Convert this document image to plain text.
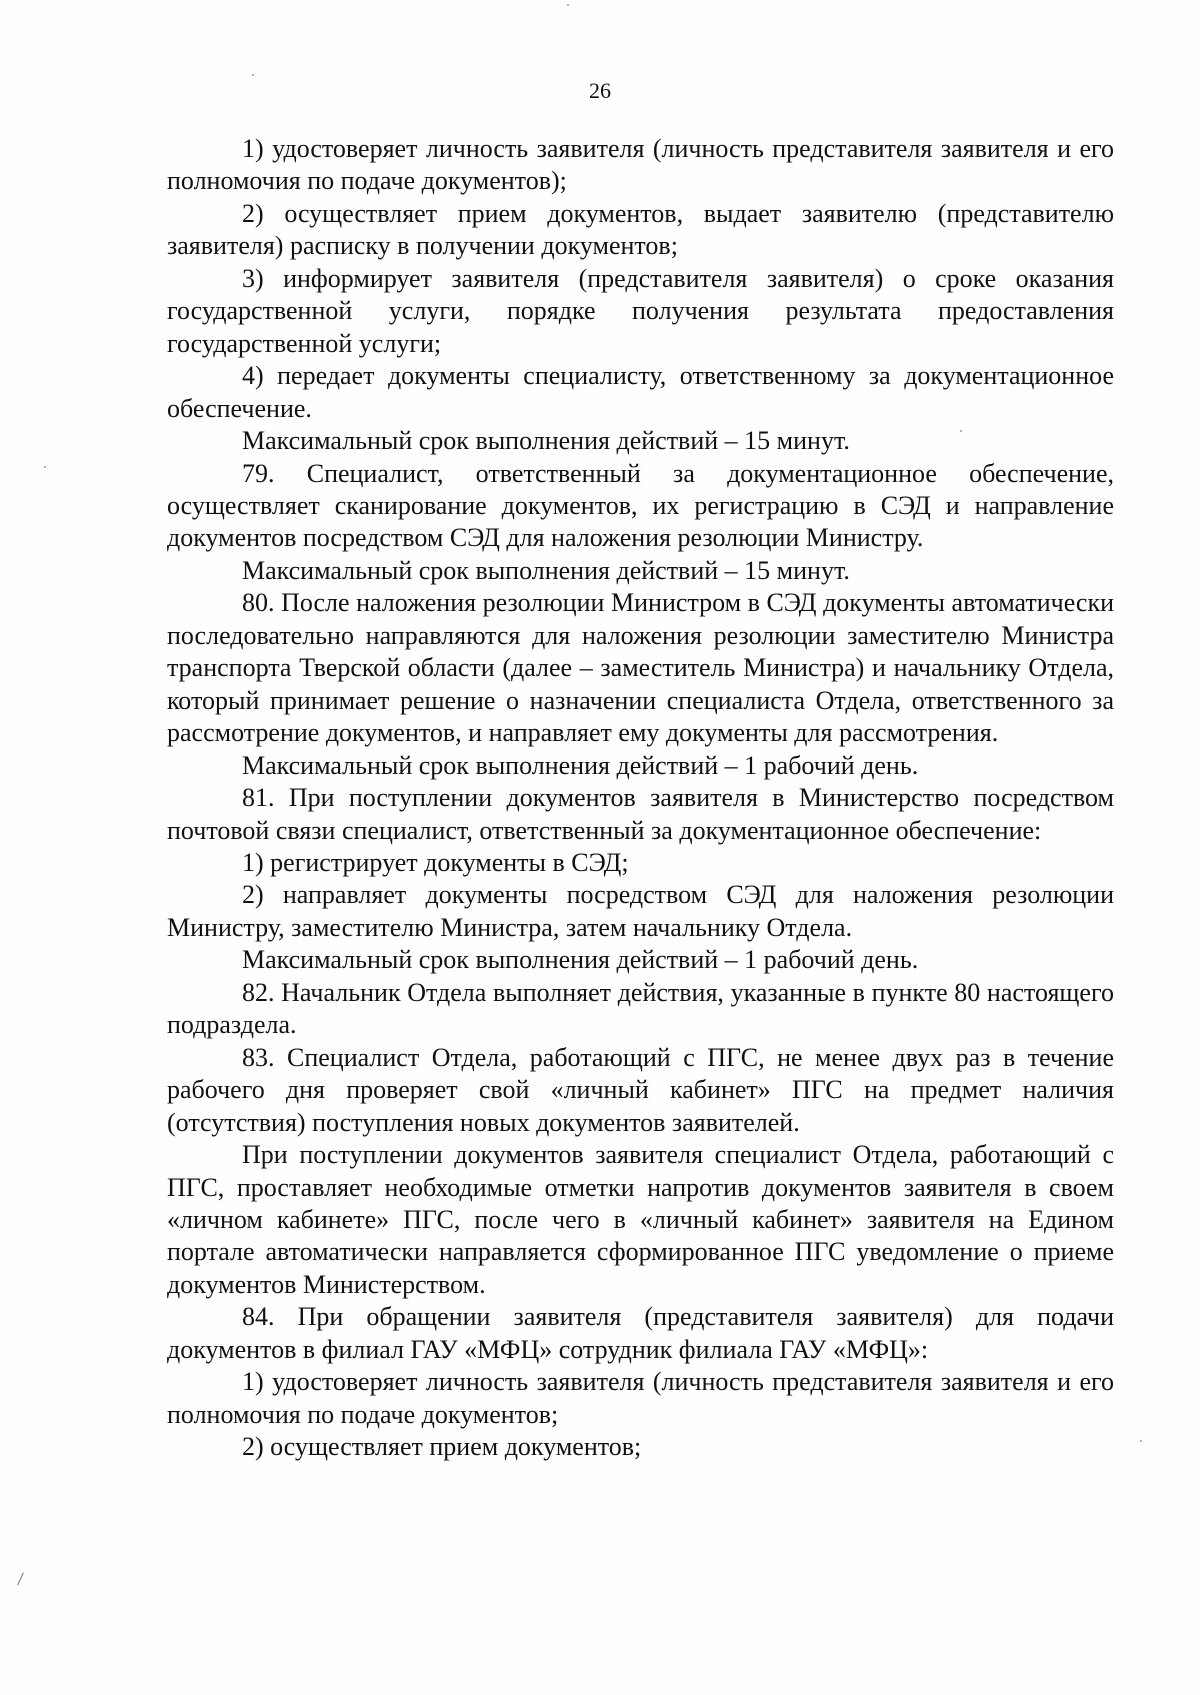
26

1) удостоверяет личность заявителя (личность представителя заявителя и его полномочия по подаче документов);

2) осуществляет прием документов, выдает заявителю (представителю заявителя) расписку в получении документов;

3) информирует заявителя (представителя заявителя) о сроке оказания государственной услуги, порядке получения результата предоставления государственной услуги;

4) передает документы специалисту, ответственному за документационное обеспечение.

Максимальный срок выполнения действий – 15 минут.

79. Специалист, ответственный за документационное обеспечение, осуществляет сканирование документов, их регистрацию в СЭД и направление документов посредством СЭД для наложения резолюции Министру.

Максимальный срок выполнения действий – 15 минут.

80. После наложения резолюции Министром в СЭД документы автоматически последовательно направляются для наложения резолюции заместителю Министра транспорта Тверской области (далее – заместитель Министра) и начальнику Отдела, который принимает решение о назначении специалиста Отдела, ответственного за рассмотрение документов, и направляет ему документы для рассмотрения.

Максимальный срок выполнения действий – 1 рабочий день.

81. При поступлении документов заявителя в Министерство посредством почтовой связи специалист, ответственный за документационное обеспечение:

1) регистрирует документы в СЭД;

2) направляет документы посредством СЭД для наложения резолюции Министру, заместителю Министра, затем начальнику Отдела.

Максимальный срок выполнения действий – 1 рабочий день.

82. Начальник Отдела выполняет действия, указанные в пункте 80 настоящего подраздела.

83. Специалист Отдела, работающий с ПГС, не менее двух раз в течение рабочего дня проверяет свой «личный кабинет» ПГС на предмет наличия (отсутствия) поступления новых документов заявителей.

При поступлении документов заявителя специалист Отдела, работающий с ПГС, проставляет необходимые отметки напротив документов заявителя в своем «личном кабинете» ПГС, после чего в «личный кабинет» заявителя на Едином портале автоматически направляется сформированное ПГС уведомление о приеме документов Министерством.

84. При обращении заявителя (представителя заявителя) для подачи документов в филиал ГАУ «МФЦ» сотрудник филиала ГАУ «МФЦ»:

1) удостоверяет личность заявителя (личность представителя заявителя и его полномочия по подаче документов;

2) осуществляет прием документов;
